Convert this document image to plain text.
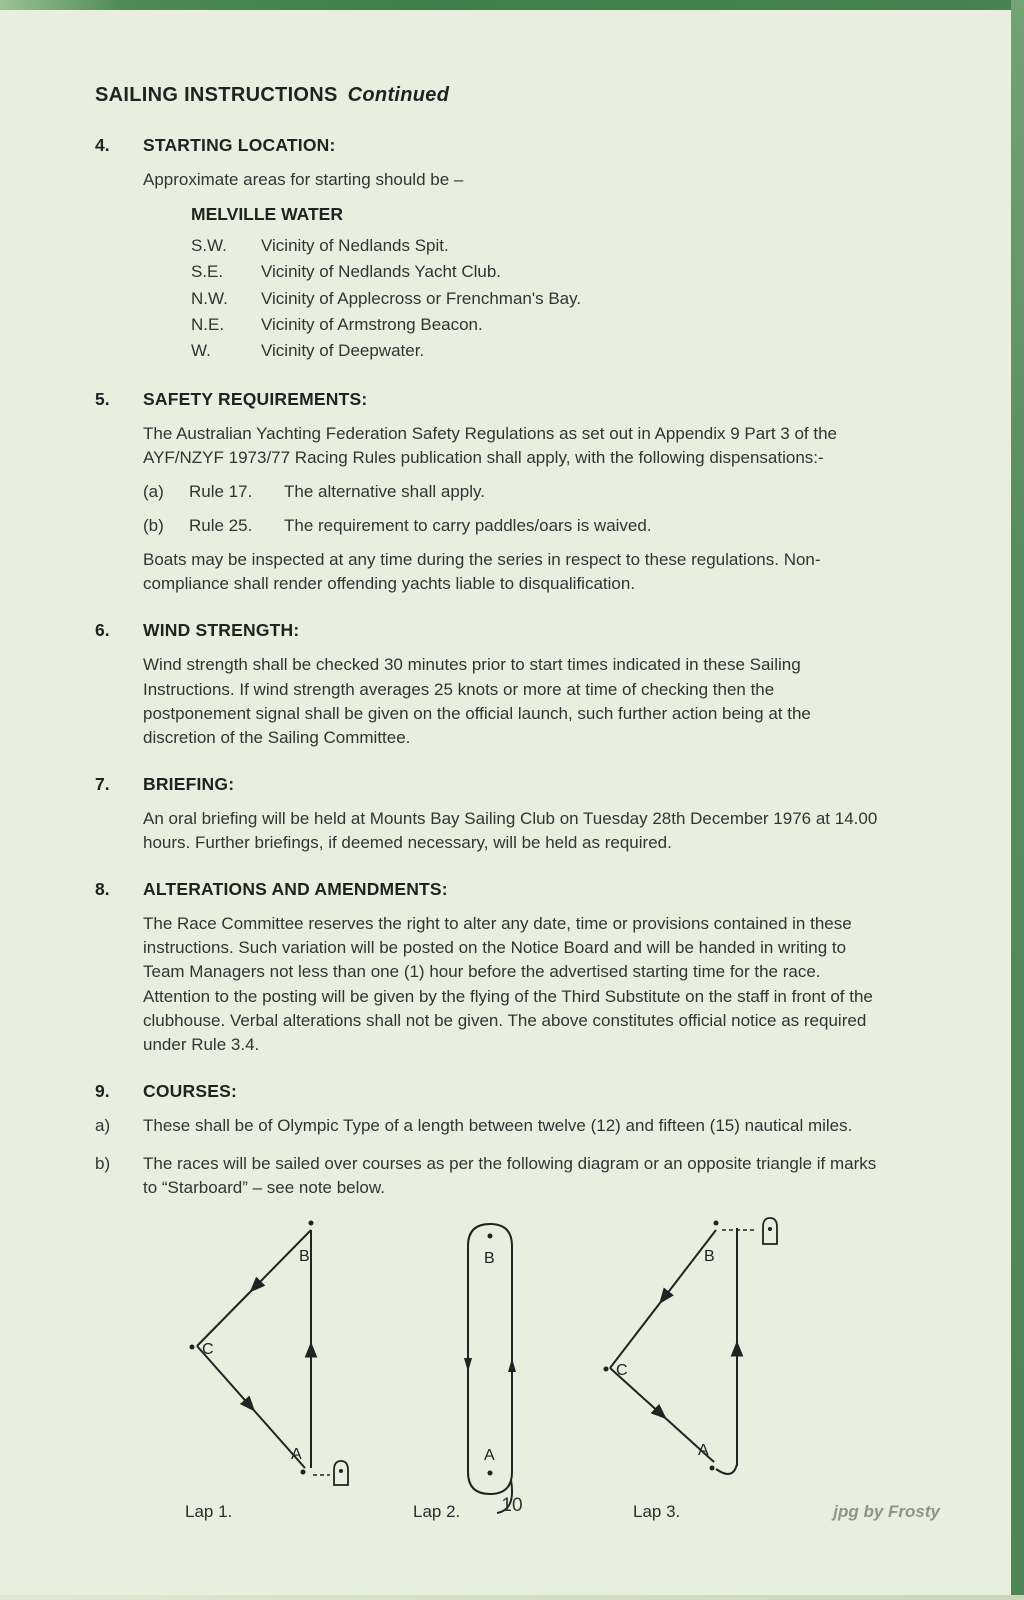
SAILING INSTRUCTIONS Continued
4.	STARTING LOCATION:

Approximate areas for starting should be –

MELVILLE WATER
S.W.	Vicinity of Nedlands Spit.
S.E.	Vicinity of Nedlands Yacht Club.
N.W.	Vicinity of Applecross or Frenchman's Bay.
N.E.	Vicinity of Armstrong Beacon.
W.	Vicinity of Deepwater.
5.	SAFETY REQUIREMENTS:

The Australian Yachting Federation Safety Regulations as set out in Appendix 9 Part 3 of the AYF/NZYF 1973/77 Racing Rules publication shall apply, with the following dispensations:-

(a)	Rule 17.	The alternative shall apply.
(b)	Rule 25.	The requirement to carry paddles/oars is waived.

Boats may be inspected at any time during the series in respect to these regulations. Non-compliance shall render offending yachts liable to disqualification.

6.	WIND STRENGTH:

Wind strength shall be checked 30 minutes prior to start times indicated in these Sailing Instructions. If wind strength averages 25 knots or more at time of checking then the postponement signal shall be given on the official launch, such further action being at the discretion of the Sailing Committee.

7.	BRIEFING:

An oral briefing will be held at Mounts Bay Sailing Club on Tuesday 28th December 1976 at 14.00 hours. Further briefings, if deemed necessary, will be held as required.

8.	ALTERATIONS AND AMENDMENTS:

The Race Committee reserves the right to alter any date, time or provisions contained in these instructions. Such variation will be posted on the Notice Board and will be handed in writing to Team Managers not less than one (1) hour before the advertised starting time for the race. Attention to the posting will be given by the flying of the Third Substitute on the staff in front of the clubhouse. Verbal alterations shall not be given. The above constitutes official notice as required under Rule 3.4.

9.	COURSES:
a)	These shall be of Olympic Type of a length between twelve (12) and fifteen (15) nautical miles.
b)	The races will be sailed over courses as per the following diagram or an opposite triangle if marks to “Starboard” – see note below.
B
C
A
Lap 1.
B
A
Lap 2.
B
C
A
Lap 3.
10	jpg by Frosty
